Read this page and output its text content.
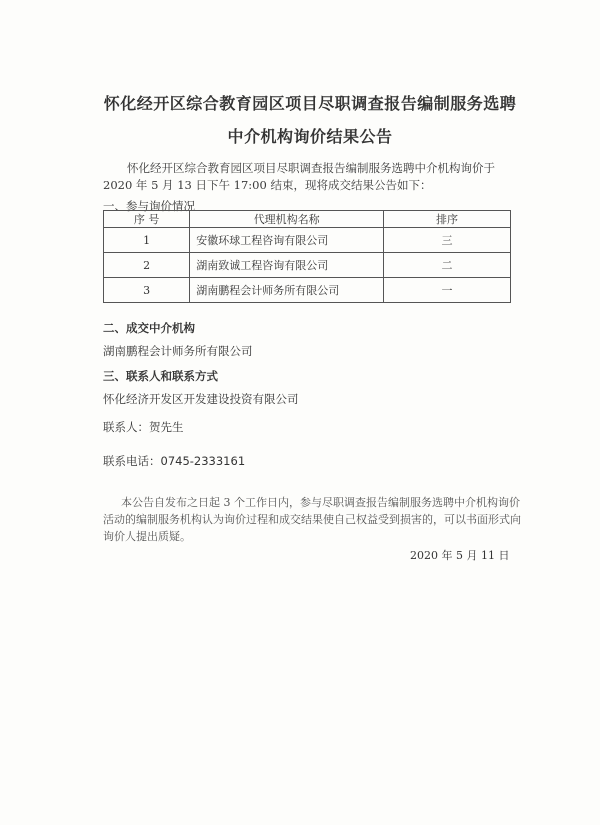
怀化经开区综合教育园区项目尽职调查报告编制服务选聘
中介机构询价结果公告
怀化经开区综合教育园区项目尽职调查报告编制服务选聘中介机构询价于 2020 年 5 月 13 日下午 17:00 结束，现将成交结果公告如下：
一、参与询价情况
序 号	代理机构名称	排序
1	安徽环球工程咨询有限公司	三
2	湖南致诚工程咨询有限公司	二
3	湖南鹏程会计师务所有限公司	一
二、成交中介机构
湖南鹏程会计师务所有限公司
三、联系人和联系方式
怀化经济开发区开发建设投资有限公司
联系人：贺先生
联系电话：0745-2333161
本公告自发布之日起 3 个工作日内，参与尽职调查报告编制服务选聘中介机构询价活动的编制服务机构认为询价过程和成交结果使自己权益受到损害的，可以书面形式向询价人提出质疑。
2020 年 5 月 11 日
